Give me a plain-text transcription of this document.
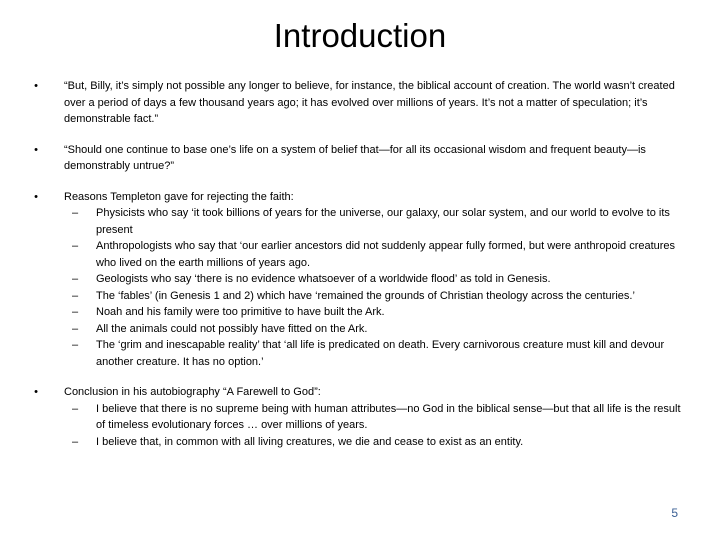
Introduction
•	“But, Billy, it’s simply not possible any longer to believe, for instance, the biblical account of creation. The world wasn’t created over a period of days a few thousand years ago; it has evolved over millions of years. It’s not a matter of speculation; it’s demonstrable fact.”
•	“Should one continue to base one’s life on a system of belief that—for all its occasional wisdom and frequent beauty—is demonstrably untrue?”
•	Reasons Templeton gave for rejecting the faith:
– Physicists who say ‘it took billions of years for the universe, our galaxy, our solar system, and our world to evolve to its present
– Anthropologists who say that ‘our earlier ancestors did not suddenly appear fully formed, but were anthropoid creatures who lived on the earth millions of years ago.
– Geologists who say ‘there is no evidence whatsoever of a worldwide flood’ as told in Genesis.
– The ‘fables’ (in Genesis 1 and 2) which have ‘remained the grounds of Christian theology across the centuries.’
– Noah and his family were too primitive to have built the Ark.
– All the animals could not possibly have fitted on the Ark.
– The ‘grim and inescapable reality’ that ‘all life is predicated on death. Every carnivorous creature must kill and devour another creature. It has no option.’
•	Conclusion in his autobiography “A Farewell to God”:
– I believe that there is no supreme being with human attributes—no God in the biblical sense—but that all life is the result of timeless evolutionary forces … over millions of years.
– I believe that, in common with all living creatures, we die and cease to exist as an entity.
5
